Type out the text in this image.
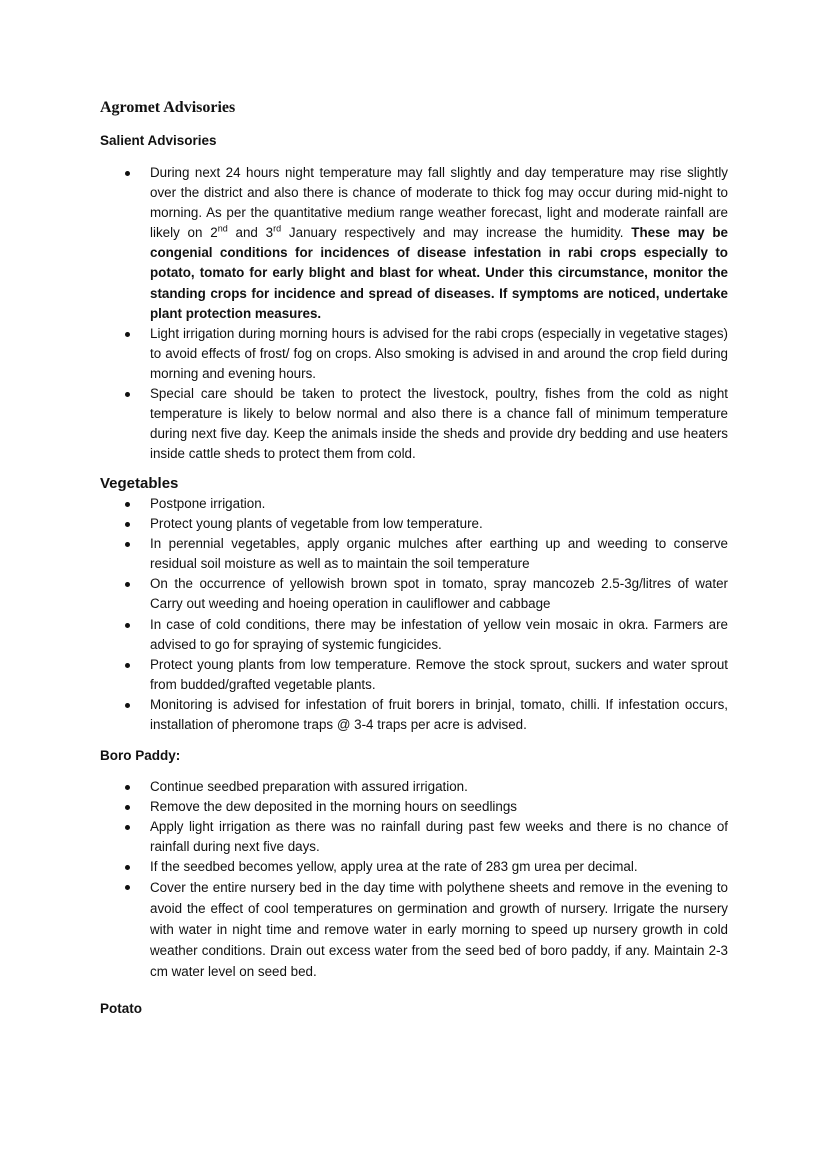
Agromet Advisories
Salient Advisories
During next 24 hours night temperature may fall slightly and day temperature may rise slightly over the district and also there is chance of moderate to thick fog may occur during mid-night to morning. As per the quantitative medium range weather forecast, light and moderate rainfall are likely on 2nd and 3rd January respectively and may increase the humidity. These may be congenial conditions for incidences of disease infestation in rabi crops especially to potato, tomato for early blight and blast for wheat. Under this circumstance, monitor the standing crops for incidence and spread of diseases. If symptoms are noticed, undertake plant protection measures.
Light irrigation during morning hours is advised for the rabi crops (especially in vegetative stages) to avoid effects of frost/ fog on crops. Also smoking is advised in and around the crop field during morning and evening hours.
Special care should be taken to protect the livestock, poultry, fishes from the cold as night temperature is likely to below normal and also there is a chance fall of minimum temperature during next five day. Keep the animals inside the sheds and provide dry bedding and use heaters inside cattle sheds to protect them from cold.
Vegetables
Postpone irrigation.
Protect young plants of vegetable from low temperature.
In perennial vegetables, apply organic mulches after earthing up and weeding to conserve residual soil moisture as well as to maintain the soil temperature
On the occurrence of yellowish brown spot in tomato, spray mancozeb 2.5-3g/litres of water Carry out weeding and hoeing operation in cauliflower and cabbage
In case of cold conditions, there may be infestation of yellow vein mosaic in okra. Farmers are advised to go for spraying of systemic fungicides.
Protect young plants from low temperature. Remove the stock sprout, suckers and water sprout from budded/grafted vegetable plants.
Monitoring is advised for infestation of fruit borers in brinjal, tomato, chilli. If infestation occurs, installation of pheromone traps @ 3-4 traps per acre is advised.
Boro Paddy:
Continue seedbed preparation with assured irrigation.
Remove the dew deposited in the morning hours on seedlings
Apply light irrigation as there was no rainfall during past few weeks and there is no chance of rainfall during next five days.
If the seedbed becomes yellow, apply urea at the rate of 283 gm urea per decimal.
Cover the entire nursery bed in the day time with polythene sheets and remove in the evening to avoid the effect of cool temperatures on germination and growth of nursery. Irrigate the nursery with water in night time and remove water in early morning to speed up nursery growth in cold weather conditions. Drain out excess water from the seed bed of boro paddy, if any. Maintain 2-3 cm water level on seed bed.
Potato
